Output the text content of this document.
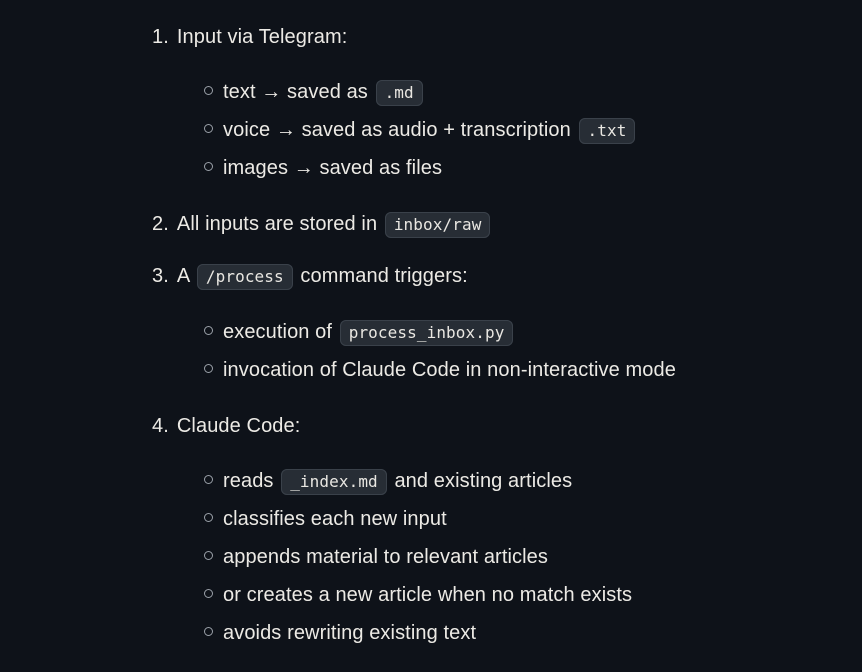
1. Input via Telegram:
text → saved as .md
voice → saved as audio + transcription .txt
images → saved as files
2. All inputs are stored in inbox/raw
3. A /process command triggers:
execution of process_inbox.py
invocation of Claude Code in non-interactive mode
4. Claude Code:
reads _index.md and existing articles
classifies each new input
appends material to relevant articles
or creates a new article when no match exists
avoids rewriting existing text
